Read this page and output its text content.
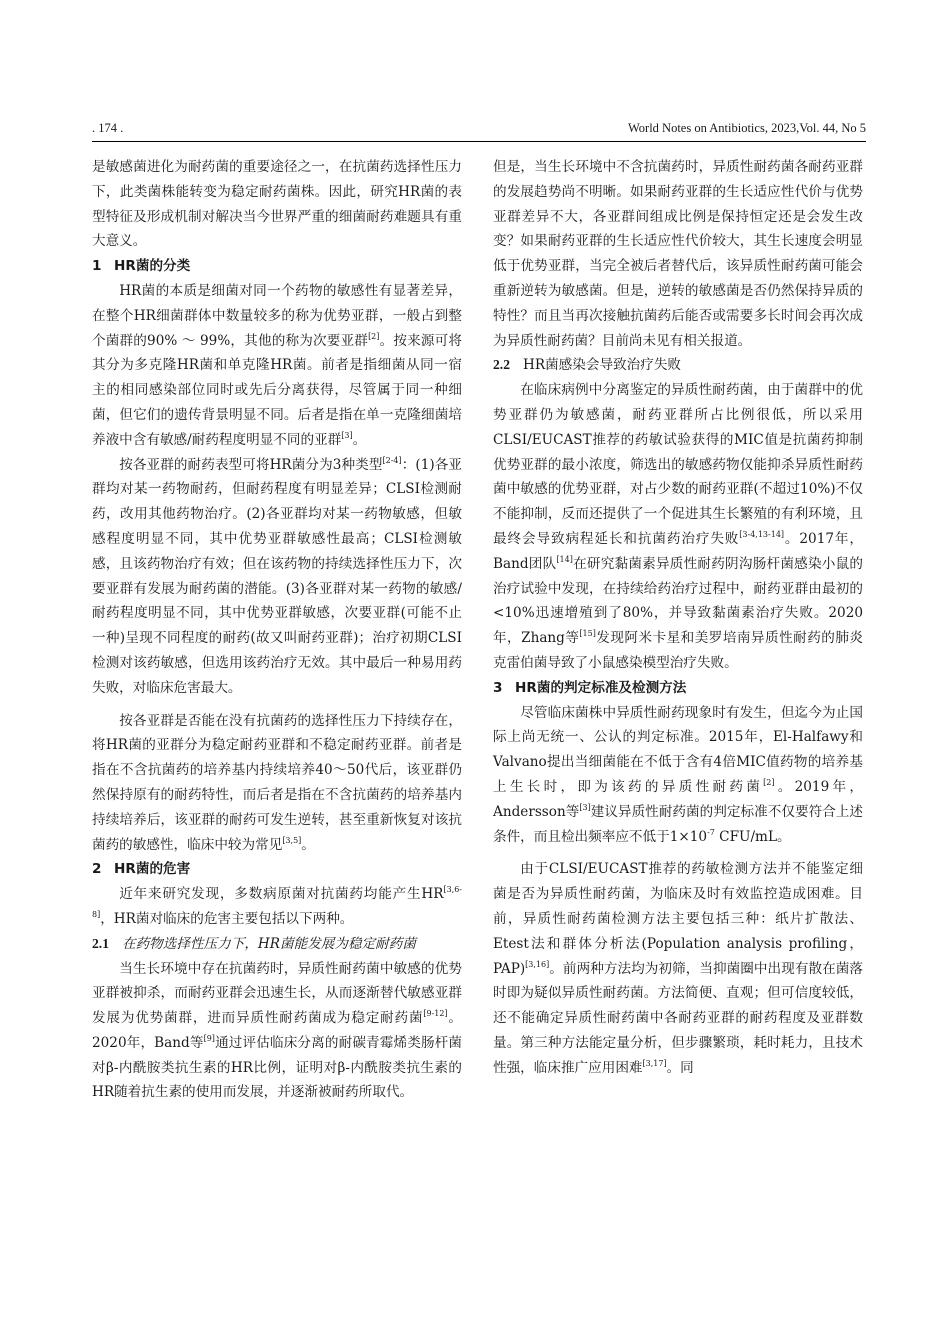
. 174 .	World Notes on Antibiotics, 2023,Vol. 44, No 5

是敏感菌进化为耐药菌的重要途径之一，在抗菌药选择性压力下，此类菌株能转变为稳定耐药菌株。因此，研究HR菌的表型特征及形成机制对解决当今世界严重的细菌耐药难题具有重大意义。

1 HR菌的分类

HR菌的本质是细菌对同一个药物的敏感性有显著差异，在整个HR细菌群体中数量较多的称为优势亚群，一般占到整个菌群的90% ～ 99%，其他的称为次要亚群[2]。按来源可将其分为多克隆HR菌和单克隆HR菌。前者是指细菌从同一宿主的相同感染部位同时或先后分离获得，尽管属于同一种细菌，但它们的遗传背景明显不同。后者是指在单一克隆细菌培养液中含有敏感/耐药程度明显不同的亚群[3]。

按各亚群的耐药表型可将HR菌分为3种类型[2-4]：(1)各亚群均对某一药物耐药，但耐药程度有明显差异；CLSI检测耐药，改用其他药物治疗。(2)各亚群均对某一药物敏感，但敏感程度明显不同，其中优势亚群敏感性最高；CLSI检测敏感，且该药物治疗有效；但在该药物的持续选择性压力下，次要亚群有发展为耐药菌的潜能。(3)各亚群对某一药物的敏感/耐药程度明显不同，其中优势亚群敏感，次要亚群(可能不止一种)呈现不同程度的耐药(故又叫耐药亚群)；治疗初期CLSI检测对该药敏感，但选用该药治疗无效。其中最后一种易用药失败，对临床危害最大。

按各亚群是否能在没有抗菌药的选择性压力下持续存在，将HR菌的亚群分为稳定耐药亚群和不稳定耐药亚群。前者是指在不含抗菌药的培养基内持续培养40～50代后，该亚群仍然保持原有的耐药特性，而后者是指在不含抗菌药的培养基内持续培养后，该亚群的耐药可发生逆转，甚至重新恢复对该抗菌药的敏感性，临床中较为常见[3,5]。

2 HR菌的危害

近年来研究发现，多数病原菌对抗菌药均能产生HR[3,6-8]，HR菌对临床的危害主要包括以下两种。

2.1 在药物选择性压力下，HR菌能发展为稳定耐药菌

当生长环境中存在抗菌药时，异质性耐药菌中敏感的优势亚群被抑杀，而耐药亚群会迅速生长，从而逐渐替代敏感亚群发展为优势菌群，进而异质性耐药菌成为稳定耐药菌[9-12]。2020年，Band等[9]通过评估临床分离的耐碳青霉烯类肠杆菌对β-内酰胺类抗生素的HR比例，证明对β-内酰胺类抗生素的HR随着抗生素的使用而发展，并逐渐被耐药所取代。

但是，当生长环境中不含抗菌药时，异质性耐药菌各耐药亚群的发展趋势尚不明晰。如果耐药亚群的生长适应性代价与优势亚群差异不大，各亚群间组成比例是保持恒定还是会发生改变？如果耐药亚群的生长适应性代价较大，其生长速度会明显低于优势亚群，当完全被后者替代后，该异质性耐药菌可能会重新逆转为敏感菌。但是，逆转的敏感菌是否仍然保持异质的特性？而且当再次接触抗菌药后能否或需要多长时间会再次成为异质性耐药菌？目前尚未见有相关报道。

2.2 HR菌感染会导致治疗失败

在临床病例中分离鉴定的异质性耐药菌，由于菌群中的优势亚群仍为敏感菌，耐药亚群所占比例很低，所以采用CLSI/EUCAST推荐的药敏试验获得的MIC值是抗菌药抑制优势亚群的最小浓度，筛选出的敏感药物仅能抑杀异质性耐药菌中敏感的优势亚群，对占少数的耐药亚群(不超过10%)不仅不能抑制，反而还提供了一个促进其生长繁殖的有利环境，且最终会导致病程延长和抗菌药治疗失败[3-4,13-14]。2017年，Band团队[14]在研究黏菌素异质性耐药阴沟肠杆菌感染小鼠的治疗试验中发现，在持续给药治疗过程中，耐药亚群由最初的<10%迅速增殖到了80%，并导致黏菌素治疗失败。2020年，Zhang等[15]发现阿米卡星和美罗培南异质性耐药的肺炎克雷伯菌导致了小鼠感染模型治疗失败。

3 HR菌的判定标准及检测方法

尽管临床菌株中异质性耐药现象时有发生，但迄今为止国际上尚无统一、公认的判定标准。2015年，El-Halfawy和Valvano提出当细菌能在不低于含有4倍MIC值药物的培养基上生长时，即为该药的异质性耐药菌[2]。2019年，Andersson等[3]建议异质性耐药菌的判定标准不仅要符合上述条件，而且检出频率应不低于$1\times 10^{-7}$ CFU/mL。

由于CLSI/EUCAST推荐的药敏检测方法并不能鉴定细菌是否为异质性耐药菌，为临床及时有效监控造成困难。目前，异质性耐药菌检测方法主要包括三种：纸片扩散法、Etest法和群体分析法(Population analysis profiling，PAP)[3,16]。前两种方法均为初筛，当抑菌圈中出现有散在菌落时即为疑似异质性耐药菌。方法简便、直观；但可信度较低，还不能确定异质性耐药菌中各耐药亚群的耐药程度及亚群数量。第三种方法能定量分析，但步骤繁琐，耗时耗力，且技术性强，临床推广应用困难[3,17]。同
